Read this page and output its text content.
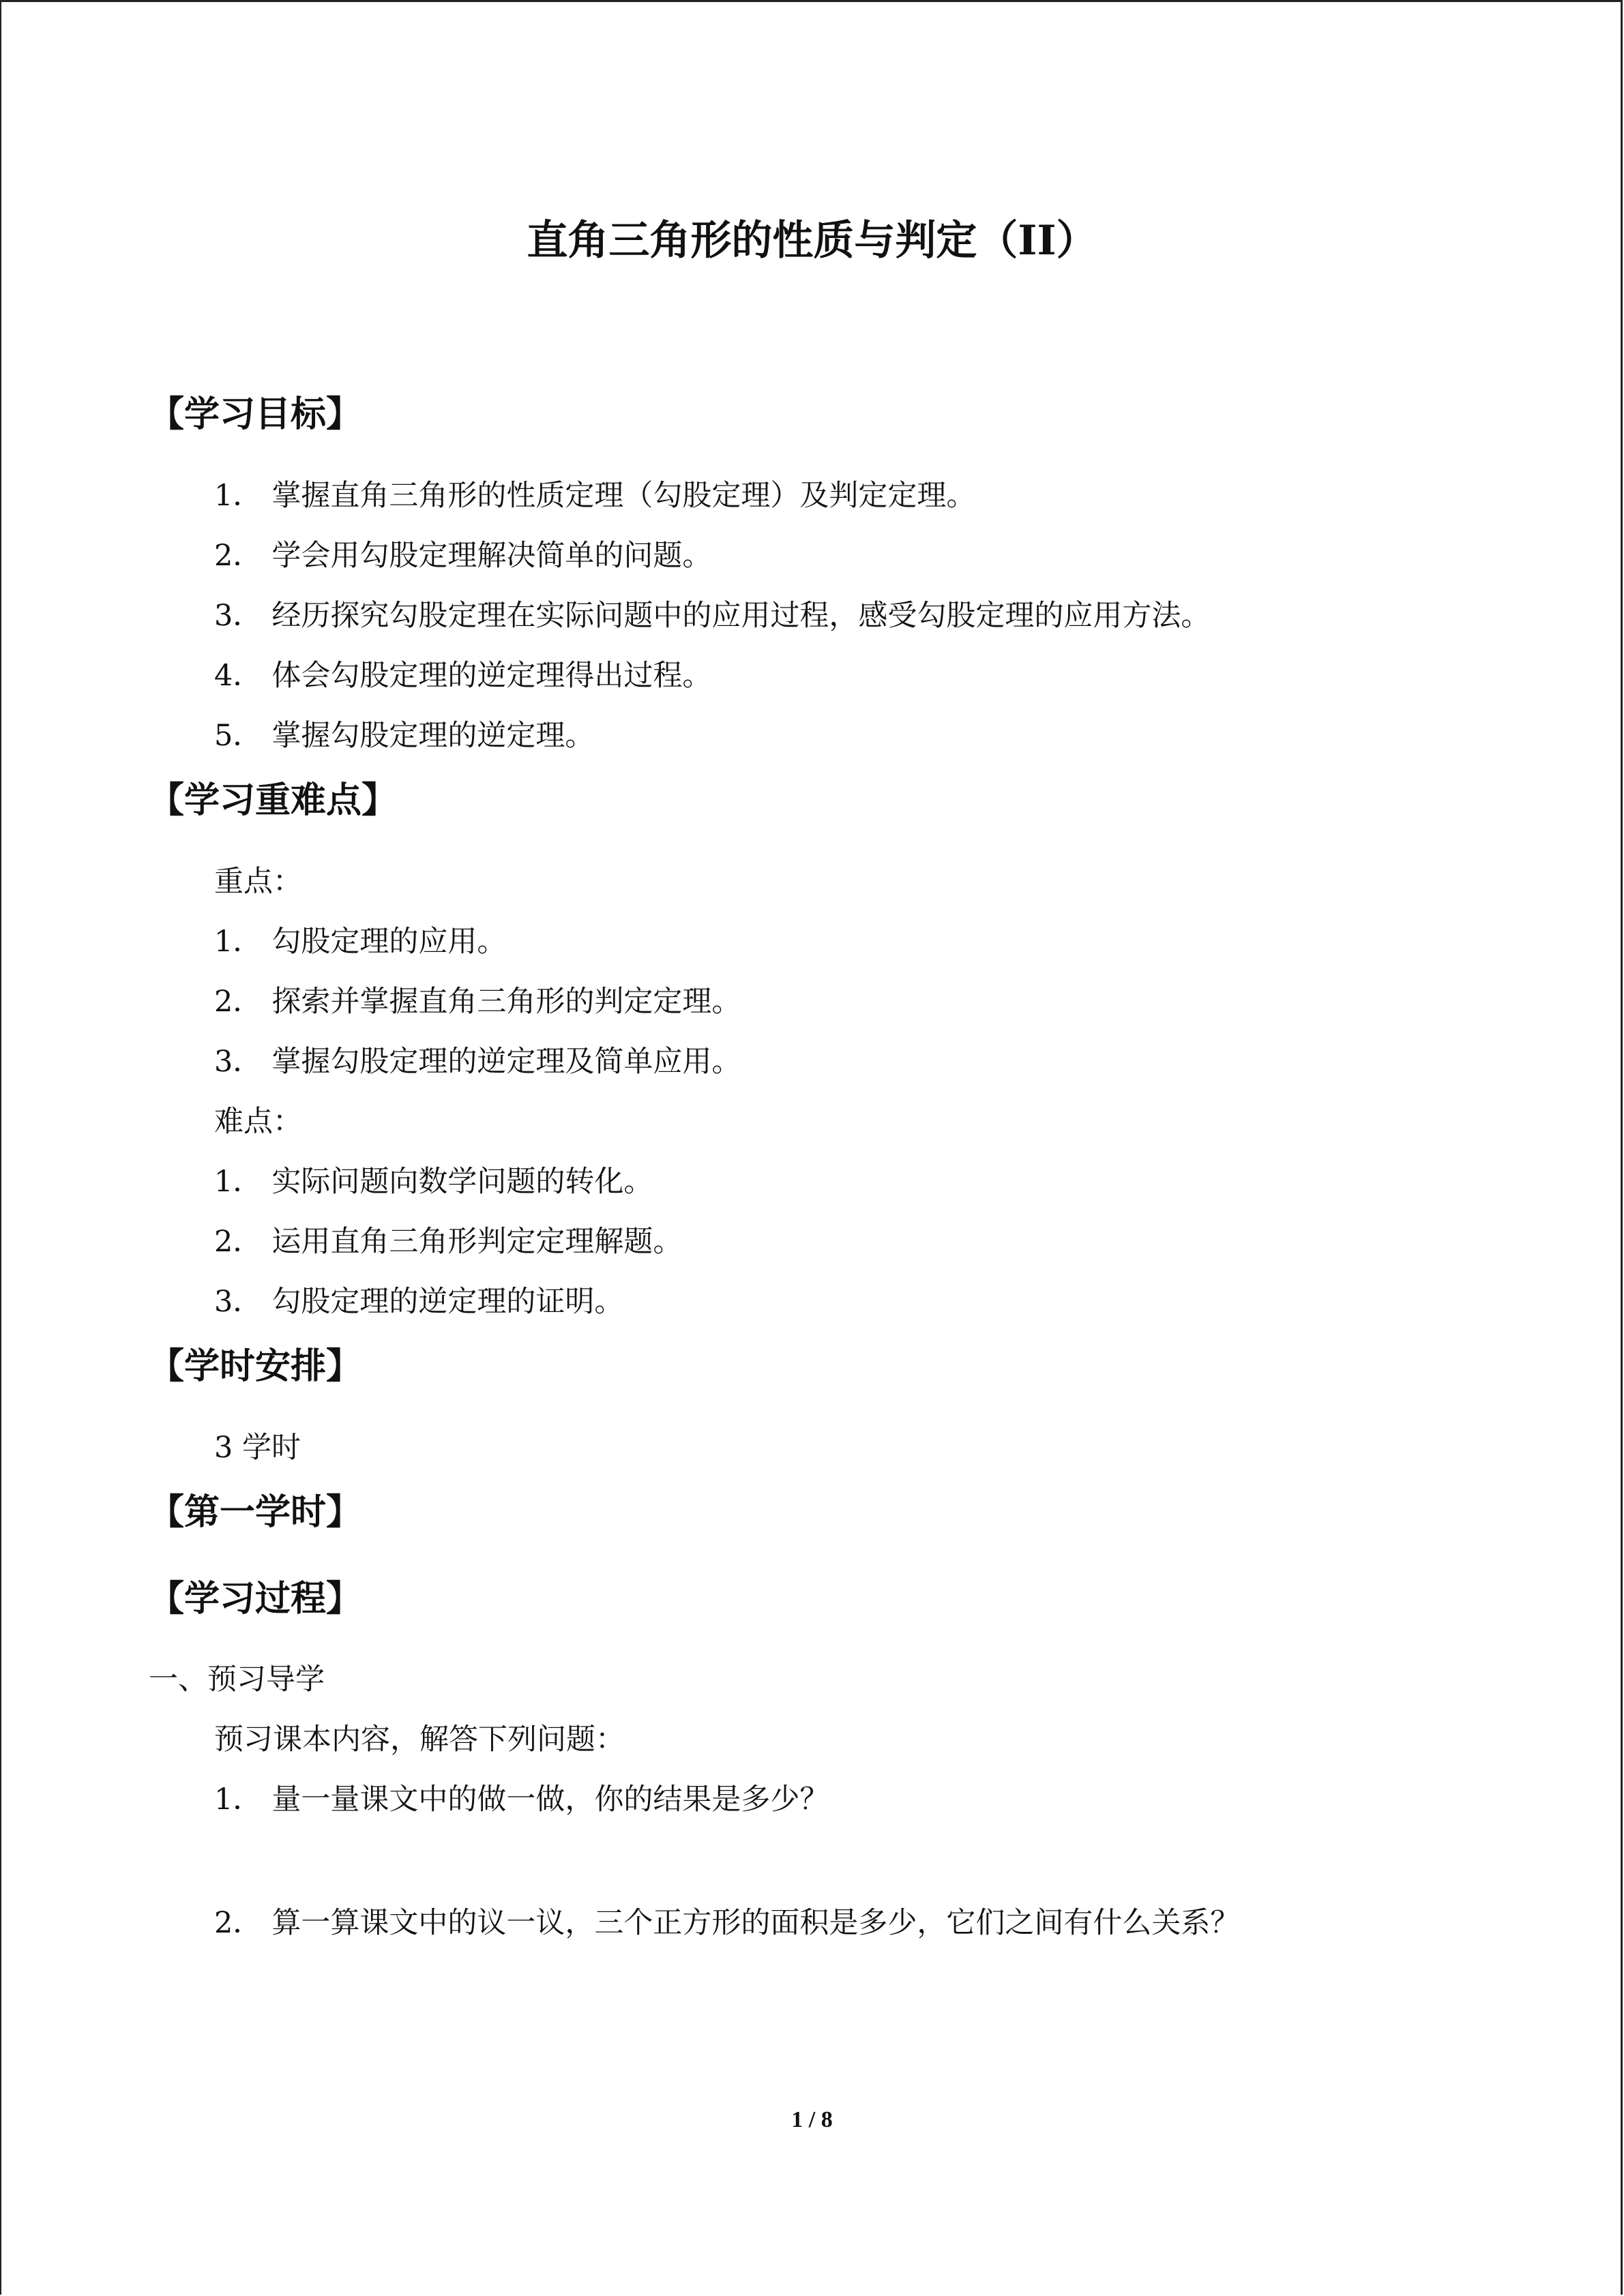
直角三角形的性质与判定（II）
【学习目标】
1． 掌握直角三角形的性质定理（勾股定理）及判定定理。
2． 学会用勾股定理解决简单的问题。
3． 经历探究勾股定理在实际问题中的应用过程，感受勾股定理的应用方法。
4． 体会勾股定理的逆定理得出过程。
5． 掌握勾股定理的逆定理。
【学习重难点】
重点：
1． 勾股定理的应用。
2． 探索并掌握直角三角形的判定定理。
3． 掌握勾股定理的逆定理及简单应用。
难点：
1． 实际问题向数学问题的转化。
2． 运用直角三角形判定定理解题。
3． 勾股定理的逆定理的证明。
【学时安排】
3 学时
【第一学时】
【学习过程】
一、预习导学
预习课本内容，解答下列问题：
1． 量一量课文中的做一做，你的结果是多少？
2． 算一算课文中的议一议，三个正方形的面积是多少，它们之间有什么关系？
1 / 8
